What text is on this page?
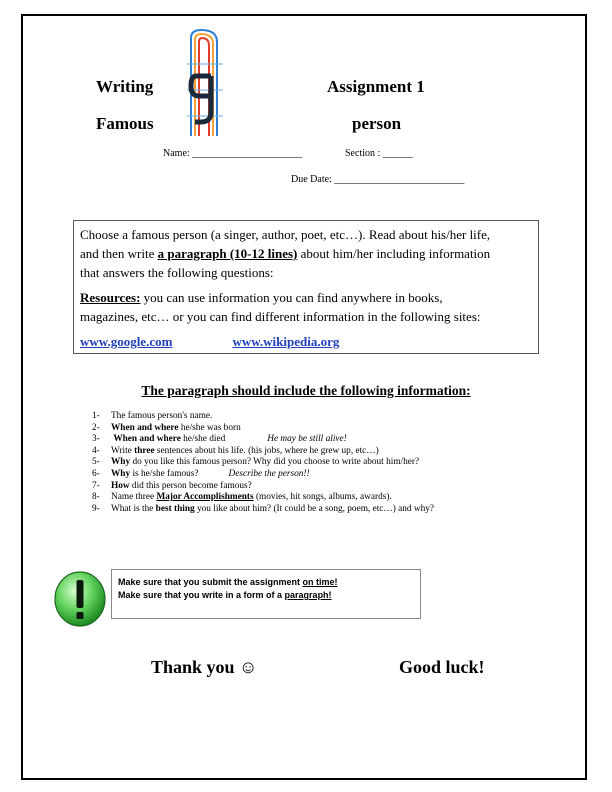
Writing	Assignment 1
Famous	person
Name: ______________________	Section : ______
Due Date: __________________________

Choose a famous person (a singer, author, poet, etc…). Read about his/her life,

and then write a paragraph (10-12 lines) about him/her including information

that answers the following questions:

Resources: you can use information you can find anywhere in books,

magazines, etc… or you can find different information in the following sites:

www.google.com	www.wikipedia.org

The paragraph should include the following information:
1- The famous person's name.
2- When and where he/she was born
3- When and where he/she died	He may be still alive!
4- Write three sentences about his life. (his jobs, where he grew up, etc…)
5- Why do you like this famous person? Why did you choose to write about him/her?
6- Why is he/she famous?	Describe the person!!
7- How did this person become famous?
8- Name three Major Accomplishments (movies, hit songs, albums, awards).
9- What is the best thing you like about him? (It could be a song, poem, etc…) and why?
Make sure that you submit the assignment on time!
Make sure that you write in a form of a paragraph!
Thank you ☺	Good luck!
